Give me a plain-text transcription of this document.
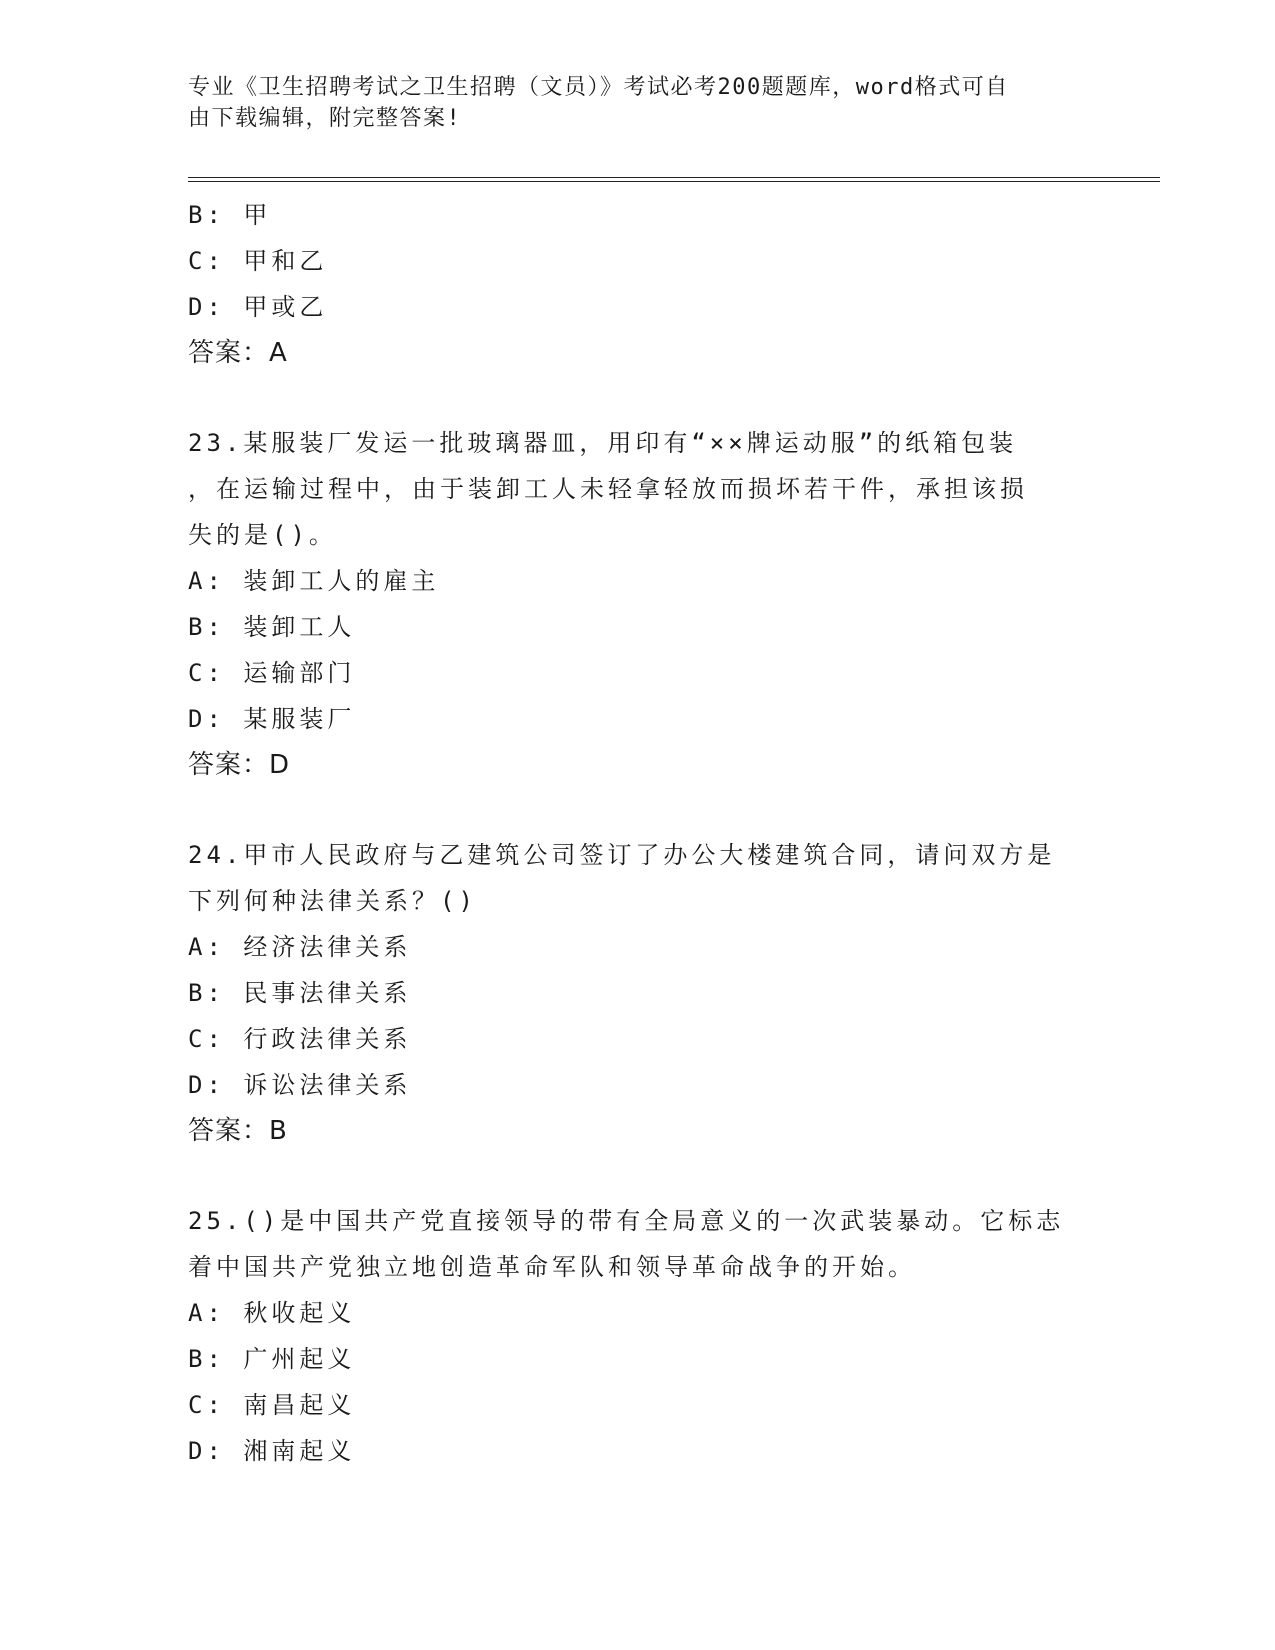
专业《卫生招聘考试之卫生招聘（文员）》考试必考200题题库，word格式可自
由下载编辑，附完整答案!
B: 甲
C: 甲和乙
D: 甲或乙
答案：A
23.某服装厂发运一批玻璃器皿，用印有“××牌运动服”的纸箱包装
，在运输过程中，由于装卸工人未轻拿轻放而损坏若干件，承担该损
失的是()。
A: 装卸工人的雇主
B: 装卸工人
C: 运输部门
D: 某服装厂
答案：D
24.甲市人民政府与乙建筑公司签订了办公大楼建筑合同，请问双方是
下列何种法律关系？()
A: 经济法律关系
B: 民事法律关系
C: 行政法律关系
D: 诉讼法律关系
答案：B
25.()是中国共产党直接领导的带有全局意义的一次武装暴动。它标志
着中国共产党独立地创造革命军队和领导革命战争的开始。
A: 秋收起义
B: 广州起义
C: 南昌起义
D: 湘南起义
